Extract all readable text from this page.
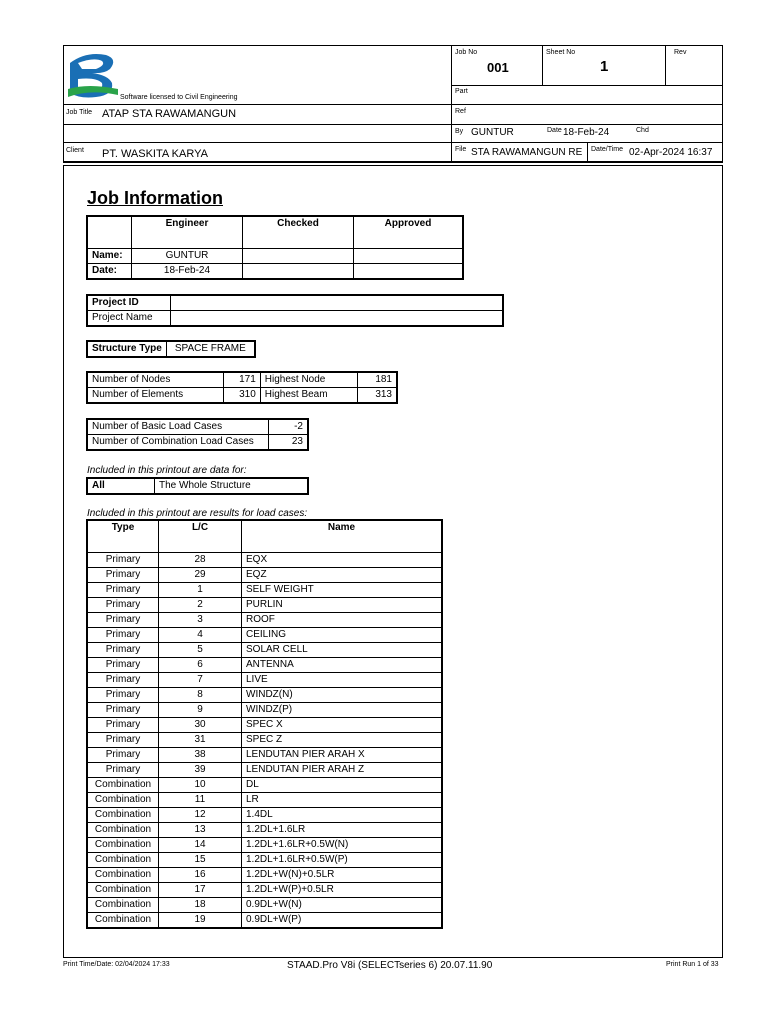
Software licensed to Civil Engineering
Job Title ATAP STA RAWAMANGUN
Client PT. WASKITA KARYA
Job No
001
Sheet No
1
Rev
Part
Ref
By GUNTUR	Date 18-Feb-24	Chd
File STA RAWAMANGUN RE	Date/Time 02-Apr-2024 16:37
Job Information
	Engineer	Checked	Approved
Name:	GUNTUR		
Date:	18-Feb-24		
Project ID	
Project Name	
Structure Type	SPACE FRAME
Number of Nodes	171	Highest Node	181
Number of Elements	310	Highest Beam	313
Number of Basic Load Cases	-2
Number of Combination Load Cases	23
Included in this printout are data for:
All	The Whole Structure
Included in this printout are results for load cases:
Type	L/C	Name
Primary	28	EQX
Primary	29	EQZ
Primary	1	SELF WEIGHT
Primary	2	PURLIN
Primary	3	ROOF
Primary	4	CEILING
Primary	5	SOLAR CELL
Primary	6	ANTENNA
Primary	7	LIVE
Primary	8	WINDZ(N)
Primary	9	WINDZ(P)
Primary	30	SPEC X
Primary	31	SPEC Z
Primary	38	LENDUTAN PIER ARAH X
Primary	39	LENDUTAN PIER ARAH Z
Combination	10	DL
Combination	11	LR
Combination	12	1.4DL
Combination	13	1.2DL+1.6LR
Combination	14	1.2DL+1.6LR+0.5W(N)
Combination	15	1.2DL+1.6LR+0.5W(P)
Combination	16	1.2DL+W(N)+0.5LR
Combination	17	1.2DL+W(P)+0.5LR
Combination	18	0.9DL+W(N)
Combination	19	0.9DL+W(P)
Print Time/Date: 02/04/2024 17:33	STAAD.Pro V8i (SELECTseries 6) 20.07.11.90	Print Run 1 of 33
